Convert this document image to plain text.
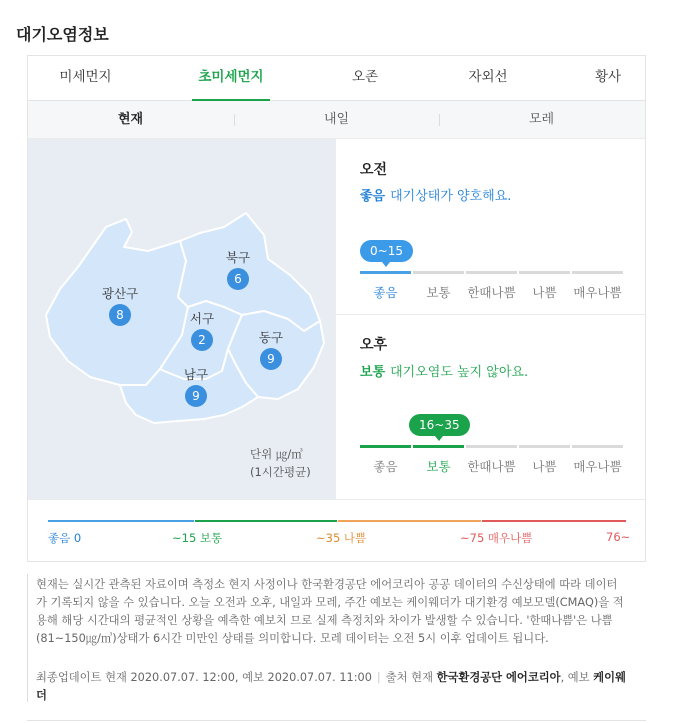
대기오염정보
미세먼지	초미세먼지	오존	자외선	황사
현재	내일	모레
광산구
8
북구
6
서구
2	동구
9
남구
9
단위 ㎍/㎥
(1시간평균)
오전
좋음 대기상태가 양호해요.
0~15
좋음	보통	한때나쁨	나쁨	매우나쁨
오후
보통 대기오염도 높지 않아요.
16~35
좋음	보통	한때나쁨	나쁨	매우나쁨
좋음 0	~15 보통	~35 나쁨	~75 매우나쁨	76~
현재는 실시간 관측된 자료이며 측정소 현지 사정이나 한국환경공단 에어코리아 공공 데이터의 수신상태에 따라 데이터가 기록되지 않을 수 있습니다. 오늘 오전과 오후, 내일과 모레, 주간 예보는 케이웨더가 대기환경 예보모델(CMAQ)을 적용해 해당 시간대의 평균적인 상황을 예측한 예보치 므로 실제 측정치와 차이가 발생할 수 있습니다. '한때나쁨'은 나쁨(81~150㎍/㎥)상태가 6시간 미만인 상태를 의미합니다. 모레 데이터는 오전 5시 이후 업데이트 됩니다.
최종업데이트 현재 2020.07.07. 12:00, 예보 2020.07.07. 11:00 | 출처 현재 한국환경공단 에어코리아, 예보 케이웨더
